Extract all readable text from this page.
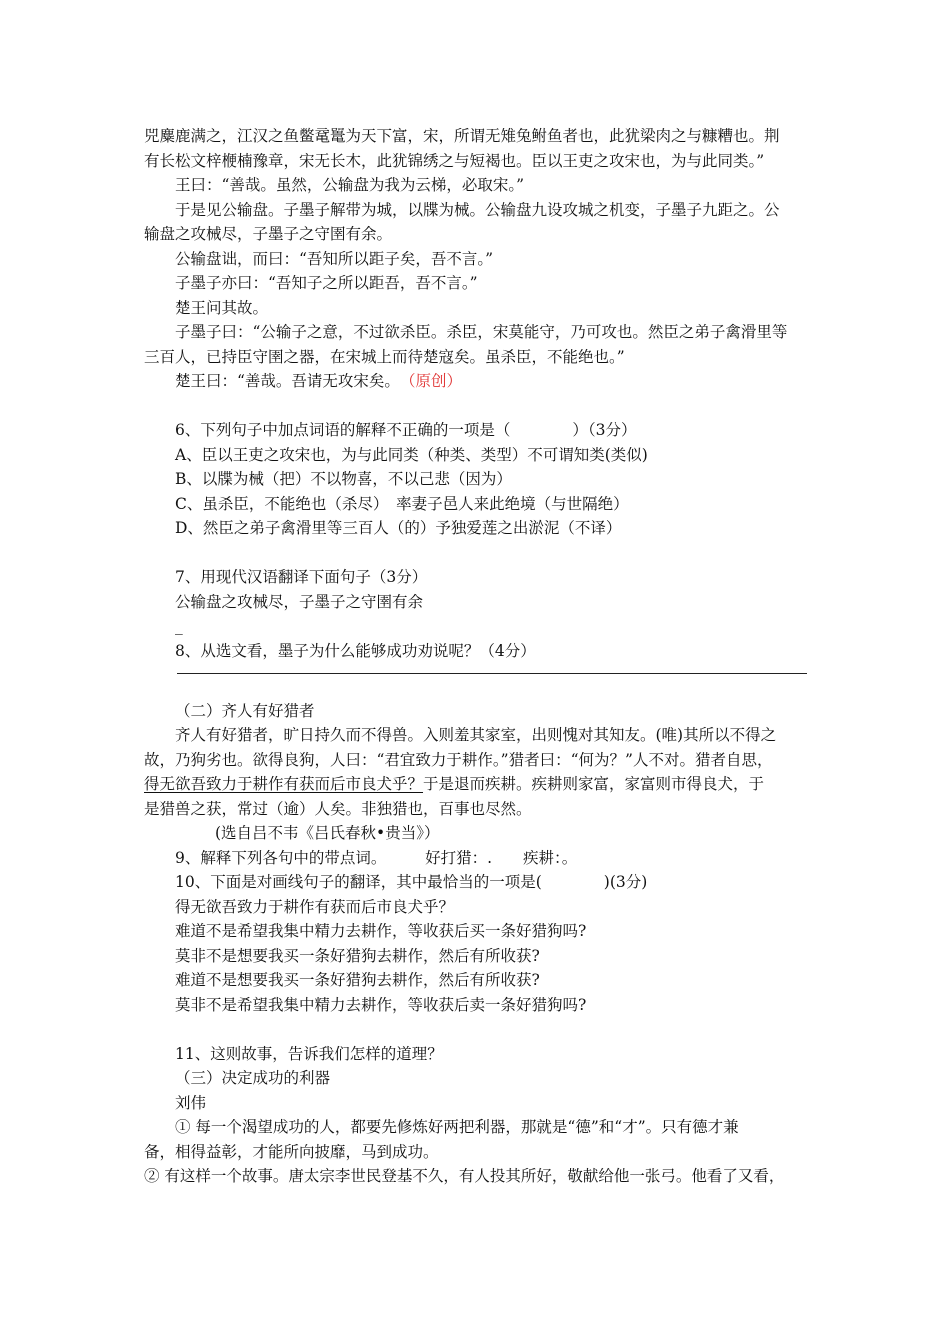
兕麋鹿满之，江汉之鱼鳖鼋鼍为天下富，宋，所谓无雉兔鲋鱼者也，此犹梁肉之与糠糟也。荆

有长松文梓楩楠豫章，宋无长木，此犹锦绣之与短褐也。臣以王吏之攻宋也，为与此同类。”

王曰：“善哉。虽然，公输盘为我为云梯，必取宋。”

于是见公输盘。子墨子解带为城，以牒为械。公输盘九设攻城之机变，子墨子九距之。公

输盘之攻械尽，子墨子之守圉有余。

公输盘诎，而曰：“吾知所以距子矣，吾不言。”

子墨子亦曰：“吾知子之所以距吾，吾不言。”

楚王问其故。

子墨子曰：“公输子之意，不过欲杀臣。杀臣，宋莫能守，乃可攻也。然臣之弟子禽滑里等

三百人，已持臣守圉之器，在宋城上而待楚寇矣。虽杀臣，不能绝也。”

楚王曰：“善哉。吾请无攻宋矣。　 （原创）

6、下列句子中加点词语的解释不正确的一项是（　　　　）（3分）

A、臣以王吏之攻宋也，为与此同类（种类、类型）不可谓知类(类似)

B、以牒为械（把）不以物喜，不以己悲（因为）

C、虽杀臣，不能绝也（杀尽）　率妻子邑人来此绝境（与世隔绝）

D、然臣之弟子禽滑里等三百人（的）予独爱莲之出淤泥（不译）

7、用现代汉语翻译下面句子（3分）

公输盘之攻械尽，子墨子之守圉有余

_

8、从选文看，墨子为什么能够成功劝说呢？（4分）

（二）齐人有好猎者

齐人有好猎者，旷日持久而不得兽。入则羞其家室，出则愧对其知友。(唯)其所以不得之

故，乃狗劣也。欲得良狗，人曰：“君宜致力于耕作。”猎者曰：“何为？”人不对。猎者自思，

得无欲吾致力于耕作有获而后市良犬乎？于是退而疾耕。疾耕则家富，家富则市得良犬，于

是猎兽之获，常过（逾）人矣。非独猎也，百事也尽然。

(选自吕不韦《吕氏春秋•贵当》）

9、解释下列各句中的带点词。　　　好打猎：.　　疾耕：。

10、下面是对画线句子的翻译，其中最恰当的一项是(　　　　)(3分)

得无欲吾致力于耕作有获而后市良犬乎？

难道不是希望我集中精力去耕作，等收获后买一条好猎狗吗?

莫非不是想要我买一条好猎狗去耕作，然后有所收获?

难道不是想要我买一条好猎狗去耕作，然后有所收获?

莫非不是希望我集中精力去耕作，等收获后卖一条好猎狗吗?

11、这则故事，告诉我们怎样的道理？

（三）决定成功的利器

刘伟

① 每一个渴望成功的人，都要先修炼好两把利器，那就是“德”和“才”。只有德才兼

备，相得益彰，才能所向披靡，马到成功。

② 有这样一个故事。唐太宗李世民登基不久，有人投其所好，敬献给他一张弓。他看了又看，
